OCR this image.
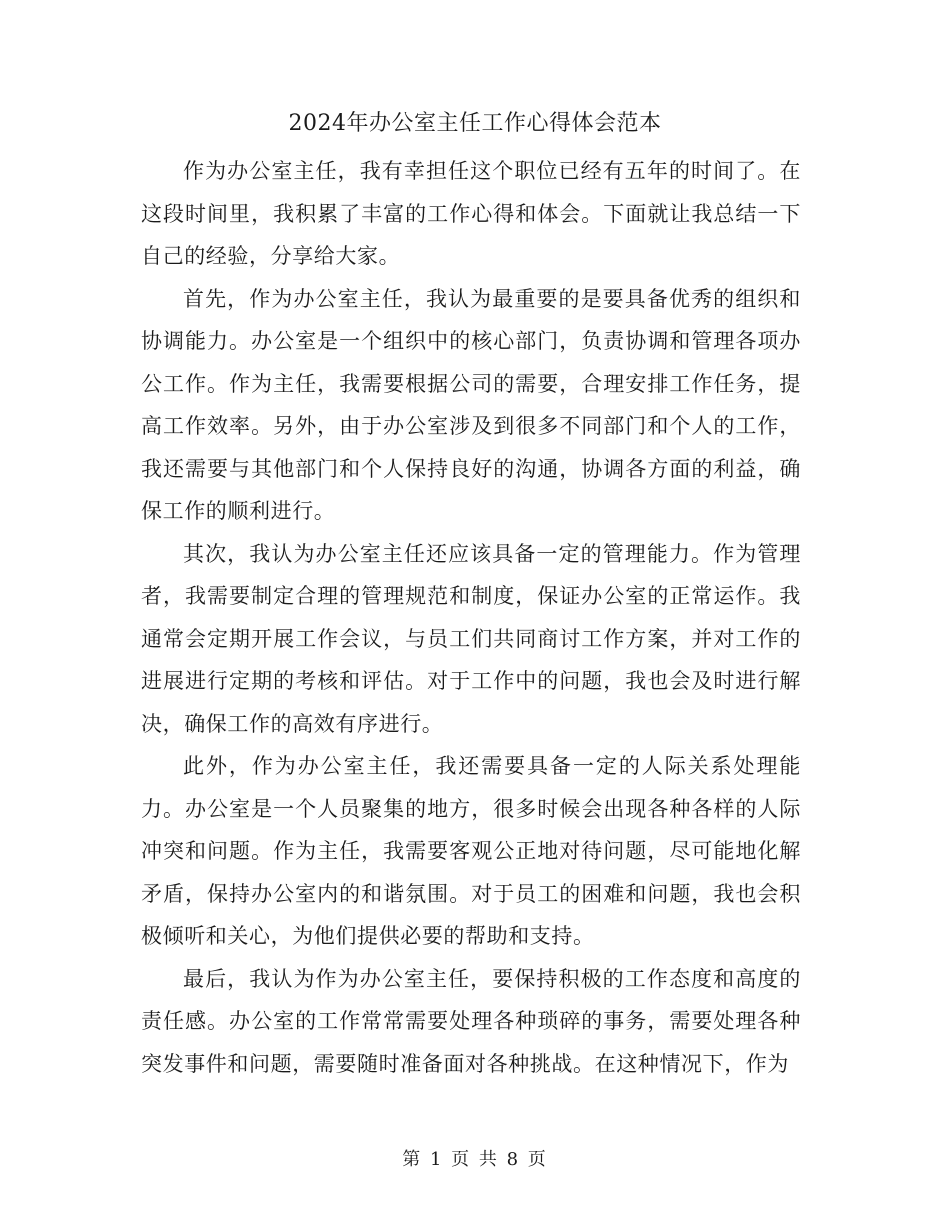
2024年办公室主任工作心得体会范本

作为办公室主任，我有幸担任这个职位已经有五年的时间了。在这段时间里，我积累了丰富的工作心得和体会。下面就让我总结一下自己的经验，分享给大家。

首先，作为办公室主任，我认为最重要的是要具备优秀的组织和协调能力。办公室是一个组织中的核心部门，负责协调和管理各项办公工作。作为主任，我需要根据公司的需要，合理安排工作任务，提高工作效率。另外，由于办公室涉及到很多不同部门和个人的工作，我还需要与其他部门和个人保持良好的沟通，协调各方面的利益，确保工作的顺利进行。

其次，我认为办公室主任还应该具备一定的管理能力。作为管理者，我需要制定合理的管理规范和制度，保证办公室的正常运作。我通常会定期开展工作会议，与员工们共同商讨工作方案，并对工作的进展进行定期的考核和评估。对于工作中的问题，我也会及时进行解决，确保工作的高效有序进行。

此外，作为办公室主任，我还需要具备一定的人际关系处理能力。办公室是一个人员聚集的地方，很多时候会出现各种各样的人际冲突和问题。作为主任，我需要客观公正地对待问题，尽可能地化解矛盾，保持办公室内的和谐氛围。对于员工的困难和问题，我也会积极倾听和关心，为他们提供必要的帮助和支持。

最后，我认为作为办公室主任，要保持积极的工作态度和高度的责任感。办公室的工作常常需要处理各种琐碎的事务，需要处理各种突发事件和问题，需要随时准备面对各种挑战。在这种情况下，作为

第 1 页 共 8 页
